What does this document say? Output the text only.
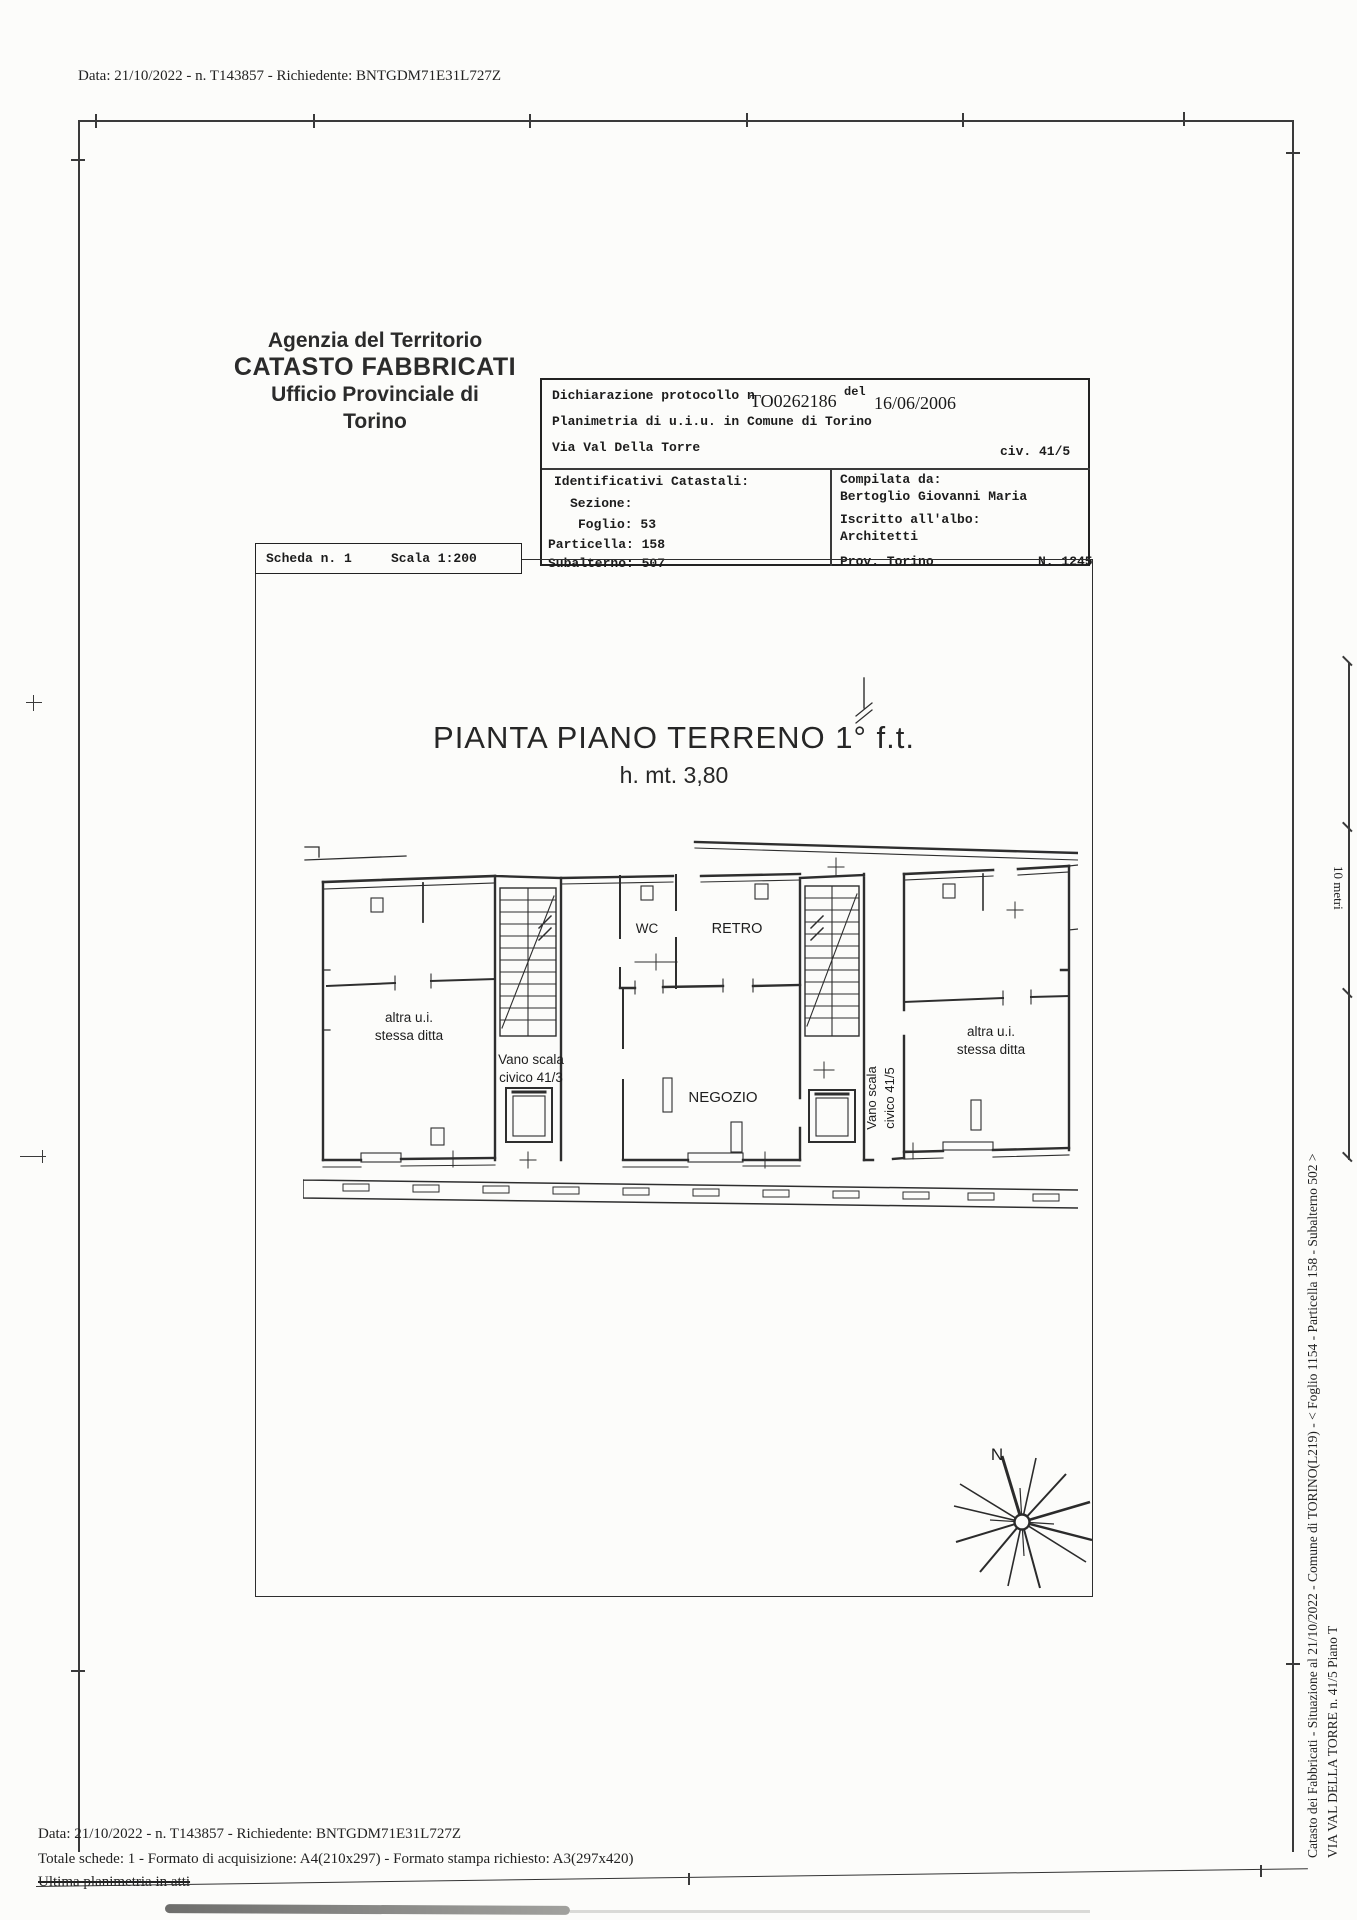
Data: 21/10/2022 - n. T143857 - Richiedente: BNTGDM71E31L727Z
Agenzia del Territorio
CATASTO FABBRICATI
Ufficio Provinciale di
Torino
Dichiarazione protocollo n
TO0262186 del
16/06/2006
Planimetria di u.i.u. in Comune di Torino
Via Val Della Torre	civ. 41/5
Identificativi Catastali:
Sezione:
Foglio: 53
Particella: 158
Subalterno: 507
Compilata da:
Bertoglio Giovanni Maria
Iscritto all'albo:
Architetti
Prov. Torino	N. 1245
Scheda n. 1	Scala 1:200
PIANTA PIANO TERRENO 1° f.t.
h. mt. 3,80
altra u.i.
stessa ditta
Vano scala
civico 41/3
WC	RETRO
NEGOZIO	Vano scala civico 41/5
altra u.i.
stessa ditta
N
10 metri
Catasto dei Fabbricati - Situazione al 21/10/2022 - Comune di TORINO(L219) - < Foglio 1154 - Particella 158 - Subalterno 502 > VIA VAL DELLA TORRE n. 41/5 Piano T
Data: 21/10/2022 - n. T143857 - Richiedente: BNTGDM71E31L727Z
Totale schede: 1 - Formato di acquisizione: A4(210x297) - Formato stampa richiesto: A3(297x420)
Ultima planimetria in atti
